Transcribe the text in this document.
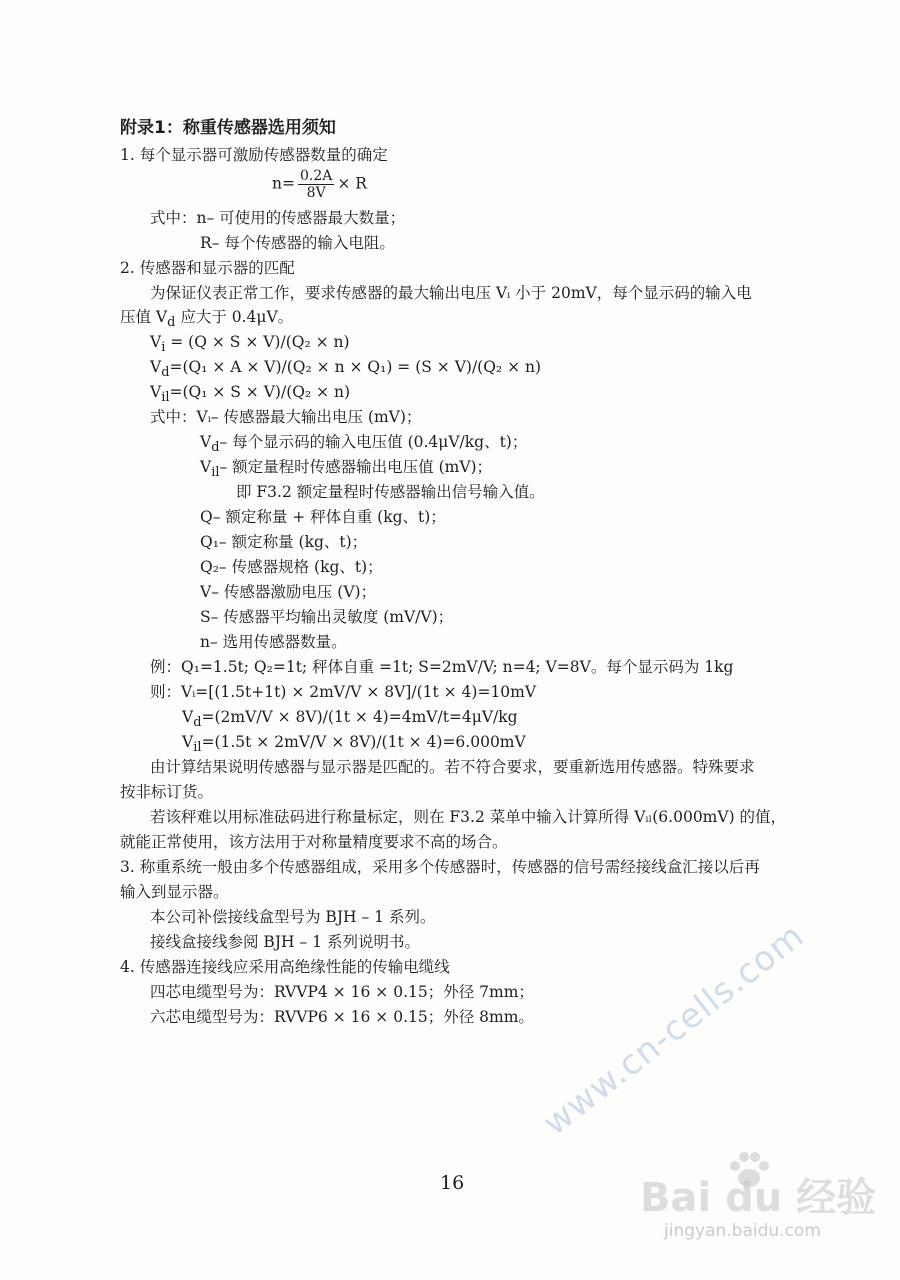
附录1：称重传感器选用须知
1. 每个显示器可激励传感器数量的确定
$n= \frac{0.2A}{8V} \times R$
式中：n– 可使用的传感器最大数量；
R– 每个传感器的输入电阻。
2. 传感器和显示器的匹配
为保证仪表正常工作，要求传感器的最大输出电压 Vᵢ 小于 20mV，每个显示码的输入电
压值 $V_d$ 应大于 0.4μV。
$V_i = (Q \times S \times V)/(Q_2 \times n)$
$V_d=(Q_1 \times A \times V)/(Q_2 \times n \times Q_1) = (S \times V)/(Q_2 \times n)$
$V_{il}=(Q_1 \times S \times V)/(Q_2 \times n)$
式中：Vᵢ– 传感器最大输出电压 (mV)；
$V_d-$ 每个显示码的输入电压值 (0.4μV/kg、t)；
$V_{il}-$ 额定量程时传感器输出电压值 (mV)；
即 F3.2 额定量程时传感器输出信号输入值。
Q– 额定称量 + 秤体自重 (kg、t)；
Q₁– 额定称量 (kg、t)；
Q₂– 传感器规格 (kg、t)；
V– 传感器激励电压 (V)；
S– 传感器平均输出灵敏度 (mV/V)；
n– 选用传感器数量。
例：Q₁=1.5t; Q₂=1t; 秤体自重 =1t; S=2mV/V; n=4; V=8V。每个显示码为 1kg
则：Vᵢ=[(1.5t+1t) × 2mV/V × 8V]/(1t × 4)=10mV
$V_d=(2mV/V \times 8V)/(1t \times 4)=4mV/t=4\mu V/kg$
$V_{il}=(1.5t \times 2mV/V \times 8V)/(1t \times 4)=6.000mV$
由计算结果说明传感器与显示器是匹配的。若不符合要求，要重新选用传感器。特殊要求
按非标订货。
若该秤难以用标准砝码进行称量标定，则在 F3.2 菜单中输入计算所得 Vᵢₗ(6.000mV) 的值，
就能正常使用，该方法用于对称量精度要求不高的场合。
3. 称重系统一般由多个传感器组成，采用多个传感器时，传感器的信号需经接线盒汇接以后再
输入到显示器。
本公司补偿接线盒型号为 BJH – 1 系列。
接线盒接线参阅 BJH – 1 系列说明书。
4. 传感器连接线应采用高绝缘性能的传输电缆线
四芯电缆型号为：RVVP4 × 16 × 0.15；外径 7mm；
六芯电缆型号为：RVVP6 × 16 × 0.15；外径 8mm。
16
www.cn-cells.com
Bai du 经验
jingyan.baidu.com
